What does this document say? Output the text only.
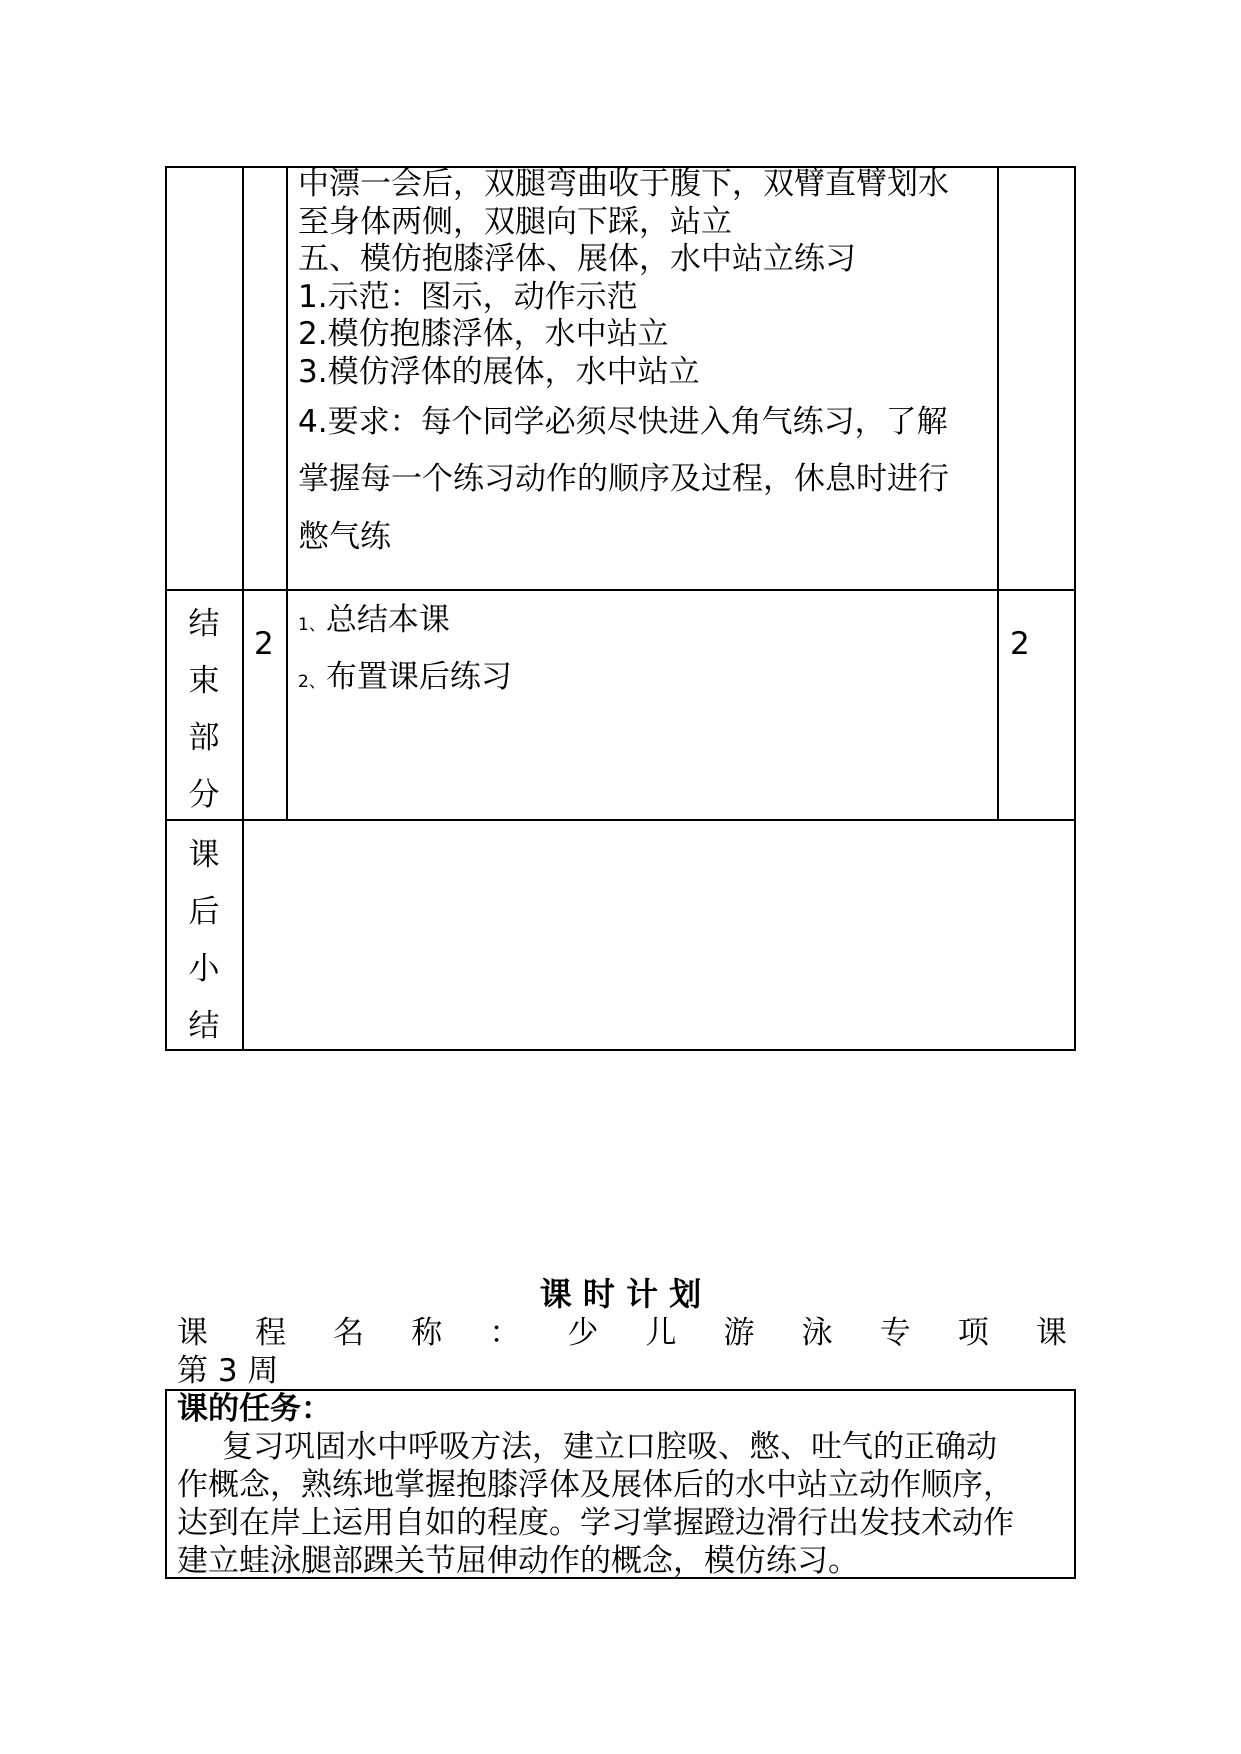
中漂一会后，双腿弯曲收于腹下，双臂直臂划水
至身体两侧，双腿向下踩，站立
五、模仿抱膝浮体、展体，水中站立练习
1.示范：图示，动作示范
2.模仿抱膝浮体，水中站立
3.模仿浮体的展体，水中站立
4.要求：每个同学必须尽快进入角气练习，了解
掌握每一个练习动作的顺序及过程，休息时进行
憋气练
结
束
部
分
2
1、总结本课
2、布置课后练习
2
课
后
小
结
课 时 计 划
课 程 名 称 ： 少 儿 游 泳 专 项 课
第 3 周
课的任务：
复习巩固水中呼吸方法，建立口腔吸、憋、吐气的正确动
作概念，熟练地掌握抱膝浮体及展体后的水中站立动作顺序，
达到在岸上运用自如的程度。学习掌握蹬边滑行出发技术动作
建立蛙泳腿部踝关节屈伸动作的概念，模仿练习。
